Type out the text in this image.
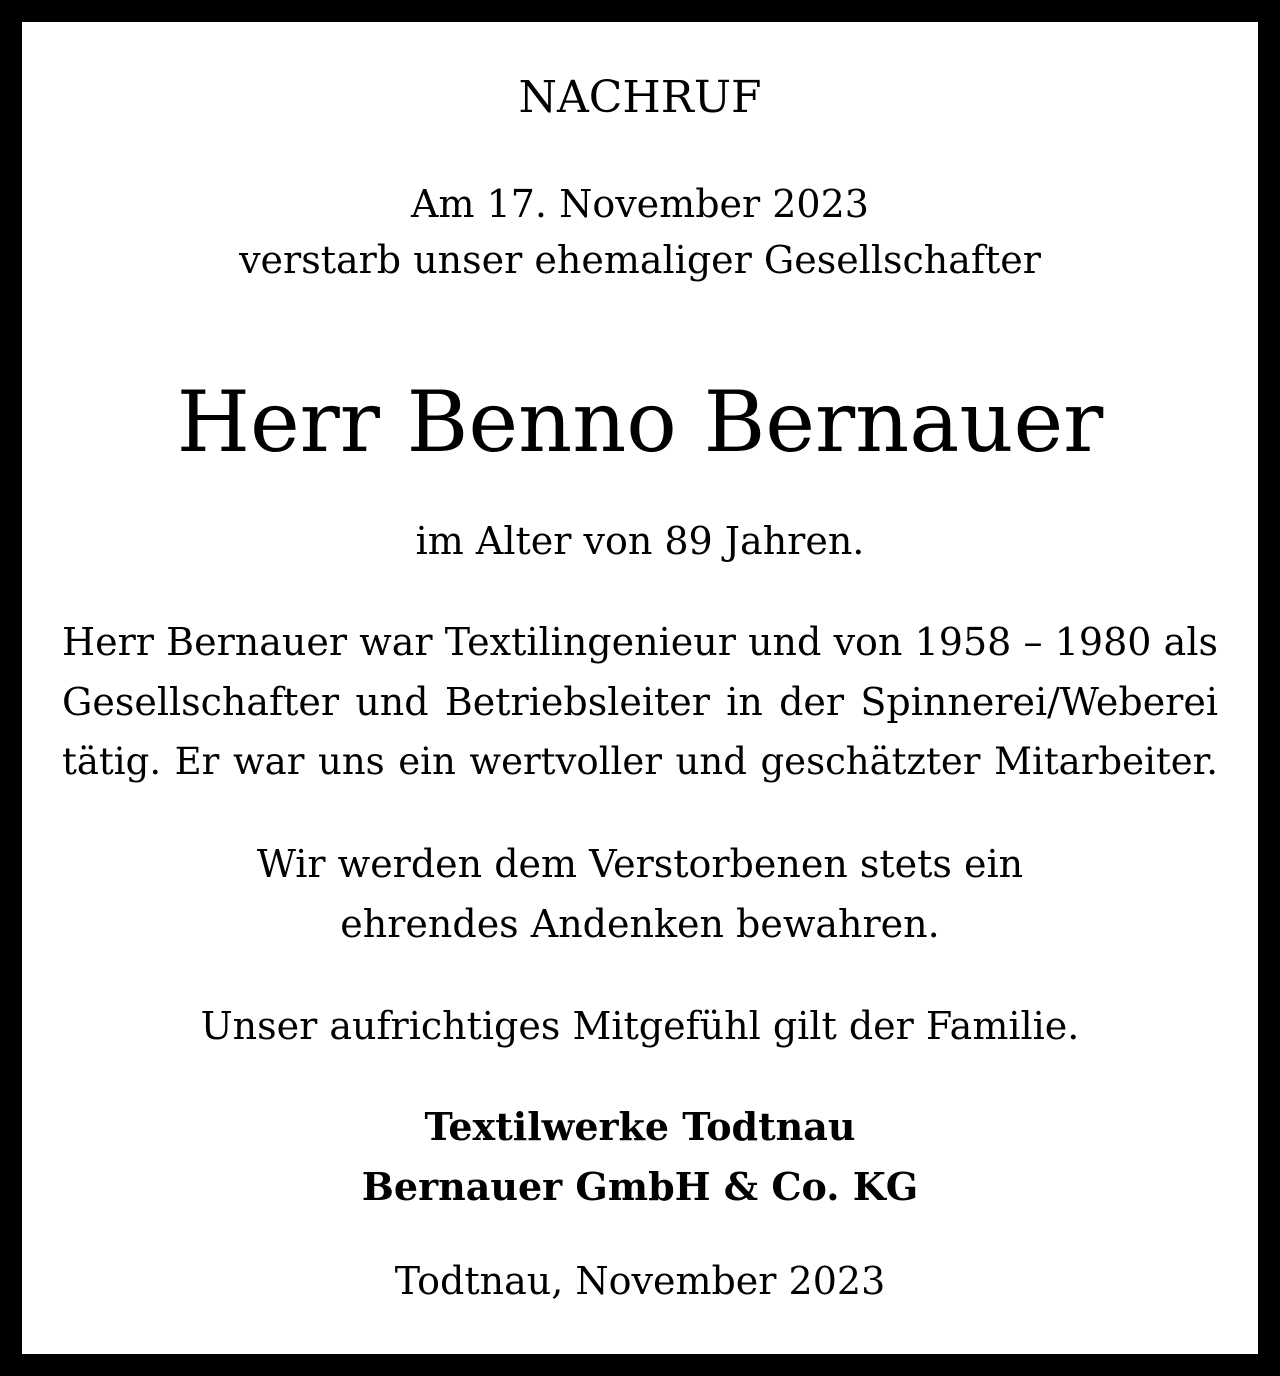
NACHRUF
Am 17. November 2023
verstarb unser ehemaliger Gesellschafter
Herr Benno Bernauer
im Alter von 89 Jahren.
Herr Bernauer war Textilingenieur und von 1958 – 1980 als
Gesellschafter und Betriebsleiter in der Spinnerei/Weberei
tätig. Er war uns ein wertvoller und geschätzter Mitarbeiter.
Wir werden dem Verstorbenen stets ein
ehrendes Andenken bewahren.
Unser aufrichtiges Mitgefühl gilt der Familie.
Textilwerke Todtnau
Bernauer GmbH & Co. KG
Todtnau, November 2023
